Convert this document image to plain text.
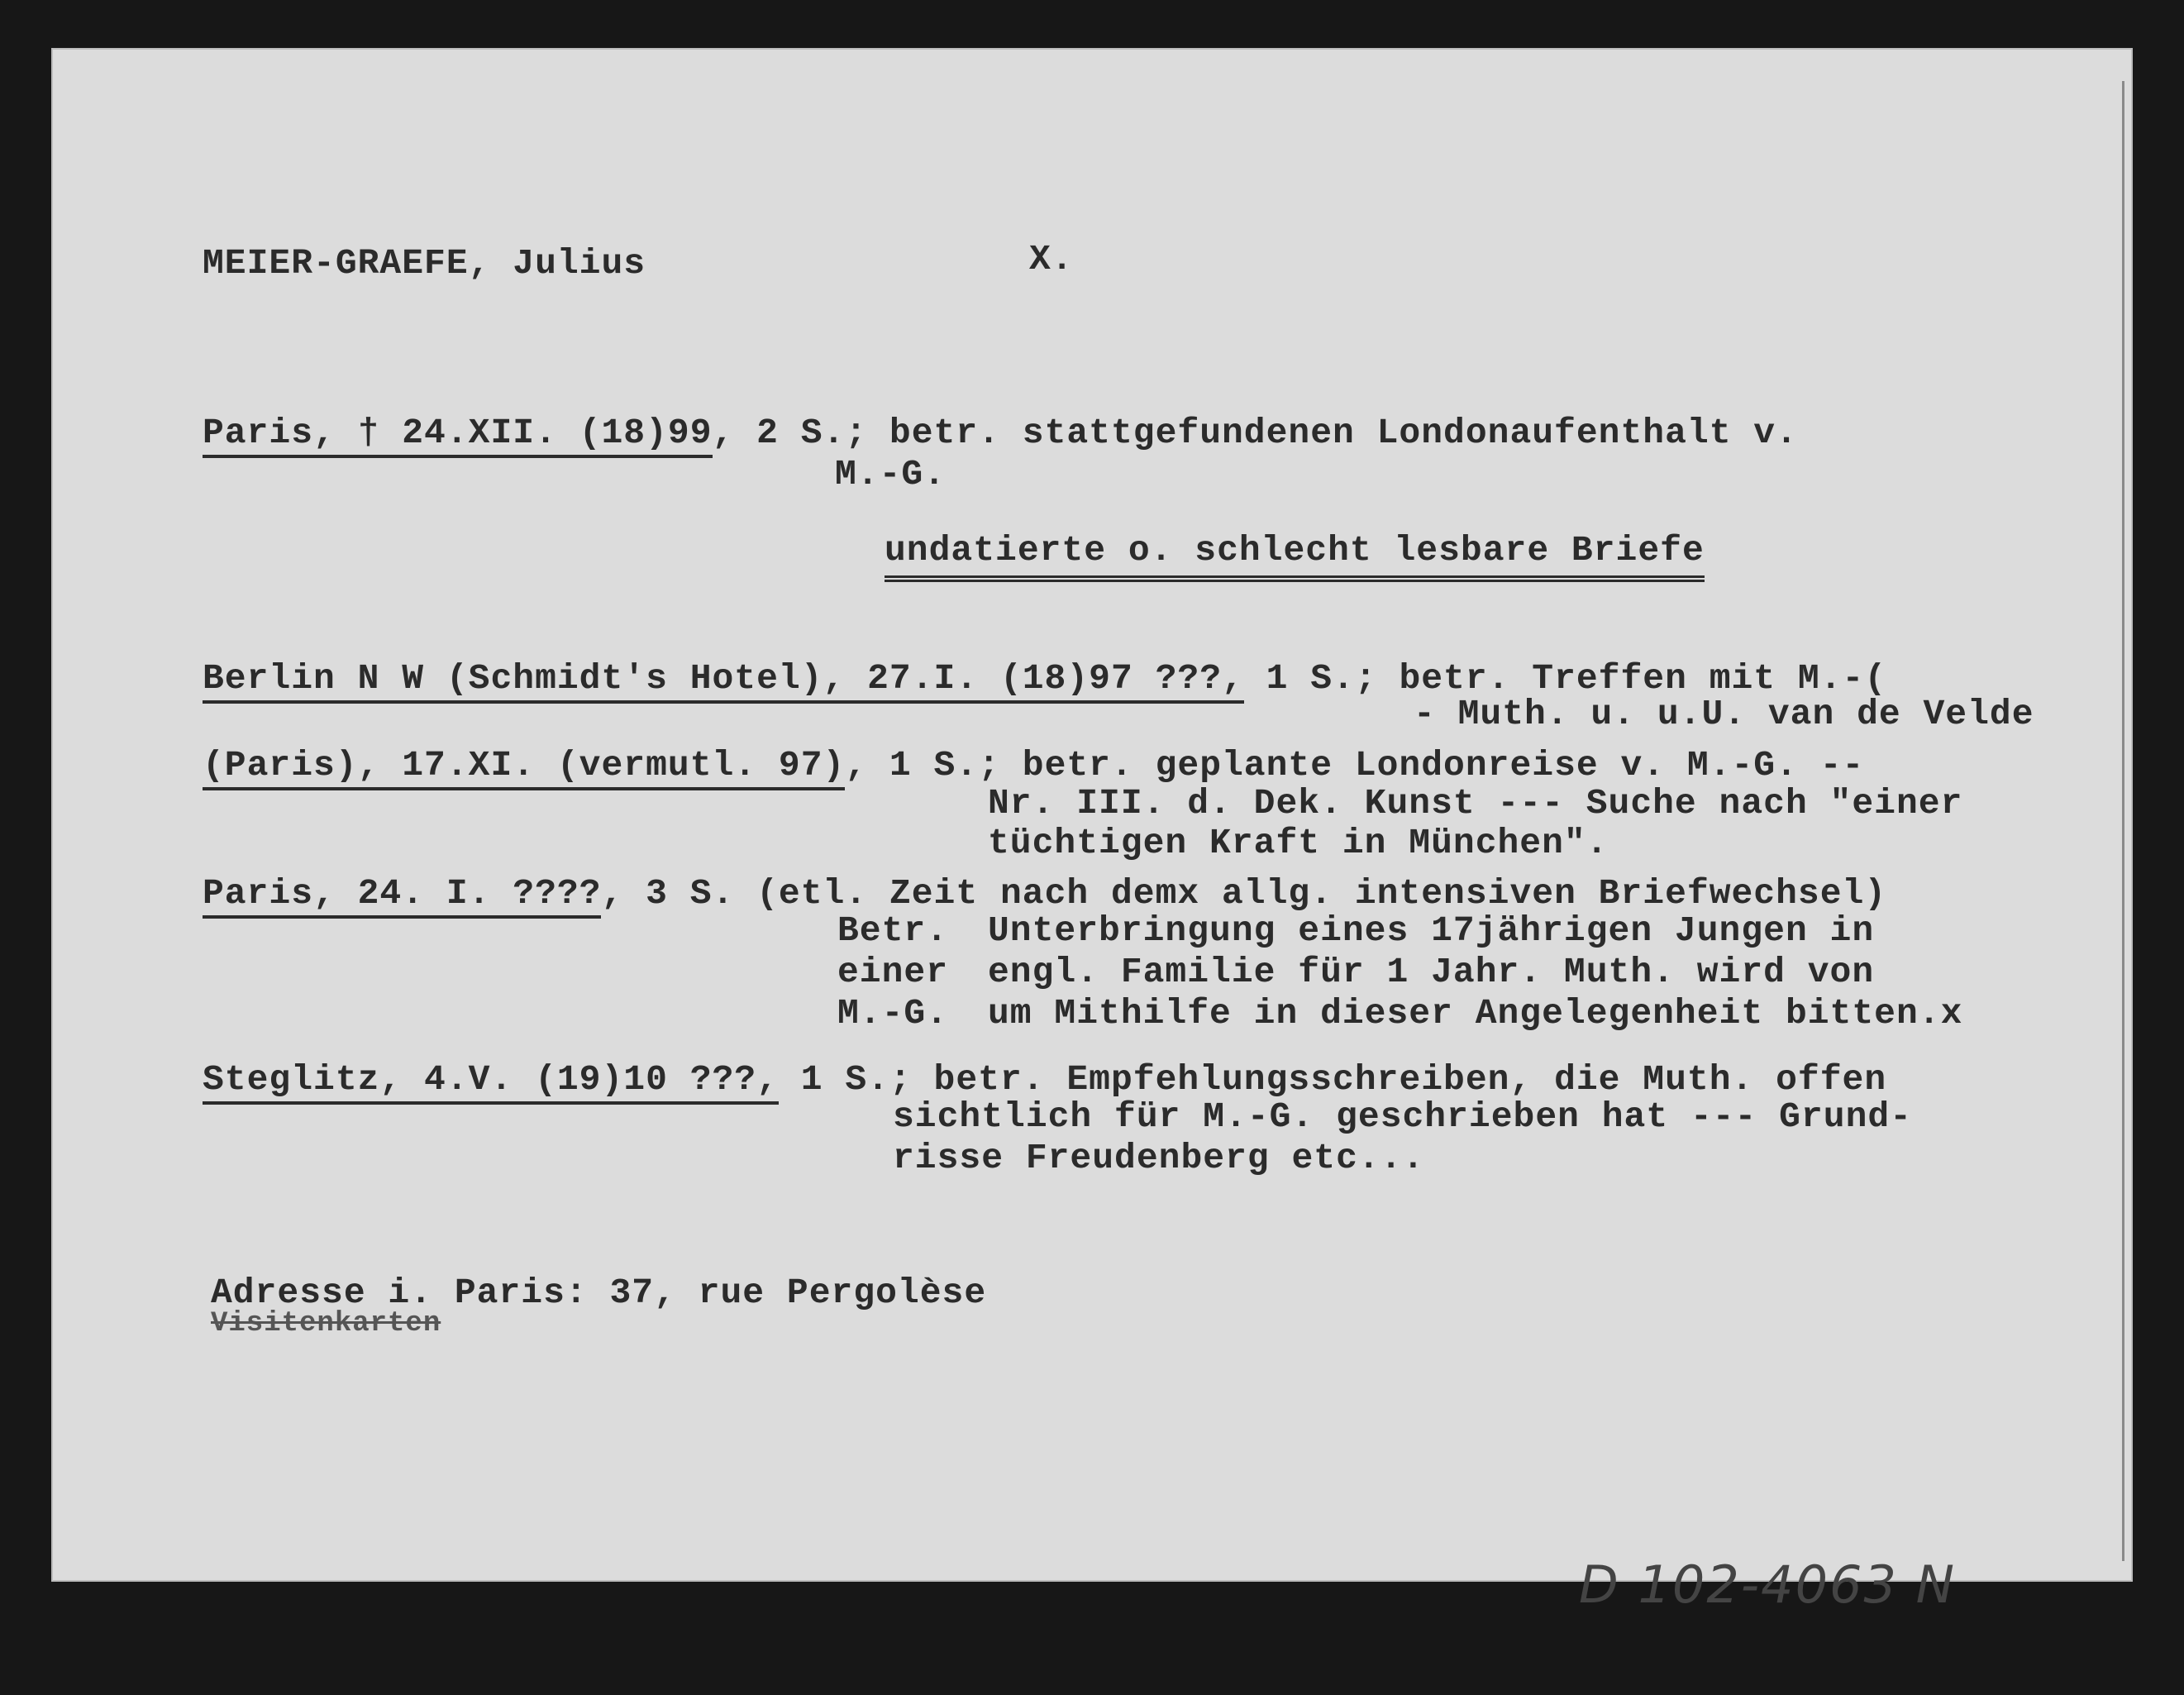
MEIER-GRAEFE, Julius	X.

Paris, † 24.XII. (18)99, 2 S.; betr. stattgefundenen Londonaufenthalt v.

M.-G.

undatierte o. schlecht lesbare Briefe

Berlin N W (Schmidt's Hotel), 27.I. (18)97 ???, 1 S.; betr. Treffen mit M.-(

- Muth. u. u.U. van de Velde

(Paris), 17.XI. (vermutl. 97), 1 S.; betr. geplante Londonreise v. M.-G. --

Nr. III. d. Dek. Kunst --- Suche nach "einer

tüchtigen Kraft in München".

Paris, 24. I. ????, 3 S. (etl. Zeit nach demx allg. intensiven Briefwechsel)

Betr.

einer

M.-G.

Unterbringung eines 17jährigen Jungen in

engl. Familie für 1 Jahr. Muth. wird von

um Mithilfe in dieser Angelegenheit bitten.x

Steglitz, 4.V. (19)10 ???, 1 S.; betr. Empfehlungsschreiben, die Muth. offen

sichtlich für M.-G. geschrieben hat --- Grund-

risse Freudenberg etc...

Adresse i. Paris: 37, rue Pergolèse

Visitenkarten

D 102-4063 N
